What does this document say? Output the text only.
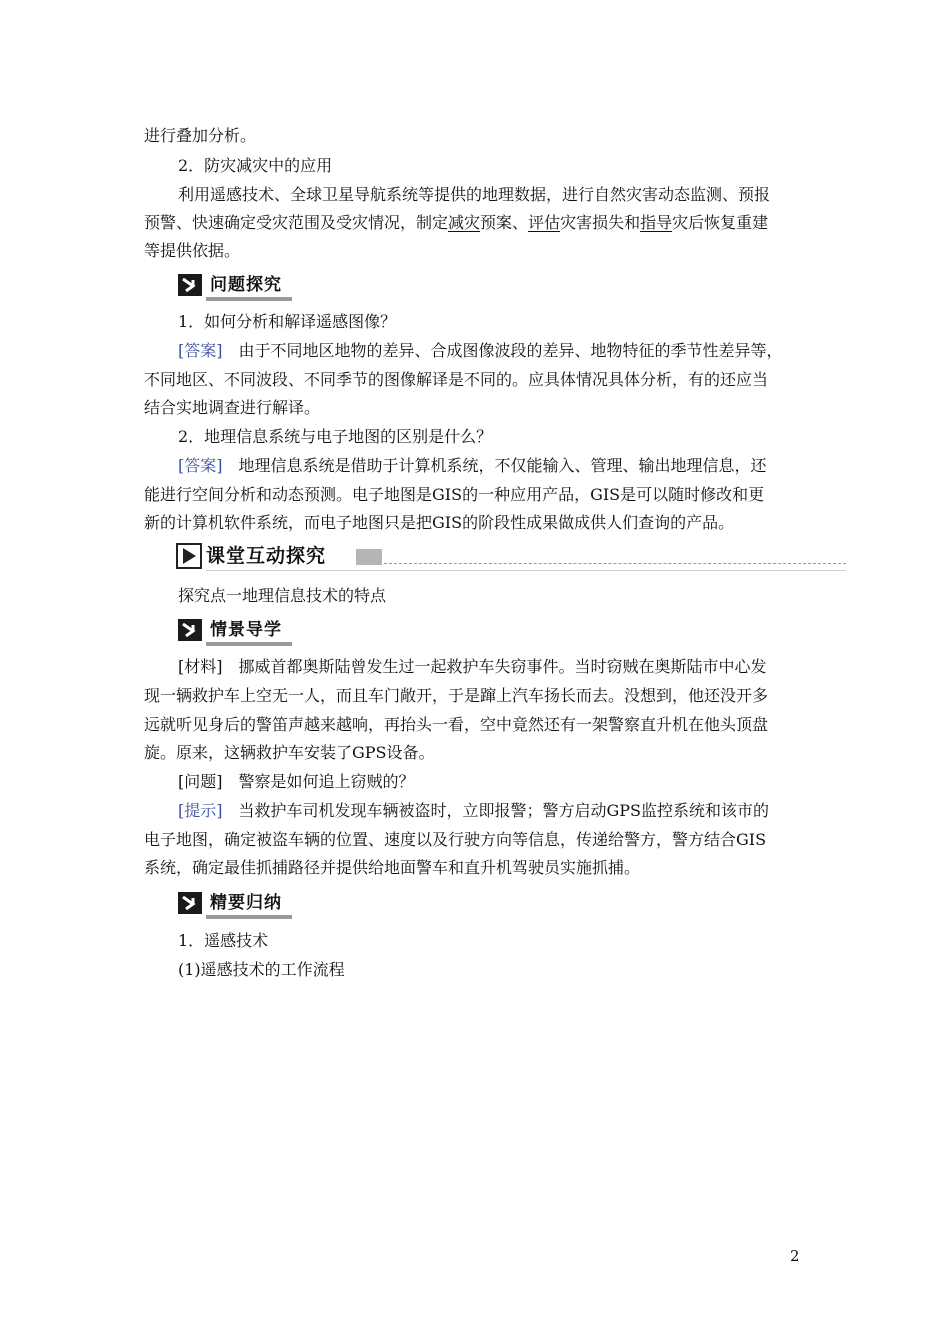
进行叠加分析。
2．防灾减灾中的应用
利用遥感技术、全球卫星导航系统等提供的地理数据，进行自然灾害动态监测、预报
预警、快速确定受灾范围及受灾情况，制定减灾预案、评估灾害损失和指导灾后恢复重建
等提供依据。
问题探究
1．如何分析和解译遥感图像？
[答案]　由于不同地区地物的差异、合成图像波段的差异、地物特征的季节性差异等，
不同地区、不同波段、不同季节的图像解译是不同的。应具体情况具体分析，有的还应当
结合实地调查进行解译。
2．地理信息系统与电子地图的区别是什么？
[答案]　地理信息系统是借助于计算机系统，不仅能输入、管理、输出地理信息，还
能进行空间分析和动态预测。电子地图是GIS的一种应用产品，GIS是可以随时修改和更
新的计算机软件系统，而电子地图只是把GIS的阶段性成果做成供人们查询的产品。
课堂互动探究
探究点一地理信息技术的特点
情景导学
[材料]　挪威首都奥斯陆曾发生过一起救护车失窃事件。当时窃贼在奥斯陆市中心发
现一辆救护车上空无一人，而且车门敞开，于是蹿上汽车扬长而去。没想到，他还没开多
远就听见身后的警笛声越来越响，再抬头一看，空中竟然还有一架警察直升机在他头顶盘
旋。原来，这辆救护车安装了GPS设备。
[问题]　警察是如何追上窃贼的？
[提示]　当救护车司机发现车辆被盗时，立即报警；警方启动GPS监控系统和该市的
电子地图，确定被盗车辆的位置、速度以及行驶方向等信息，传递给警方，警方结合GIS
系统，确定最佳抓捕路径并提供给地面警车和直升机驾驶员实施抓捕。
精要归纳
1．遥感技术
(1)遥感技术的工作流程
2
